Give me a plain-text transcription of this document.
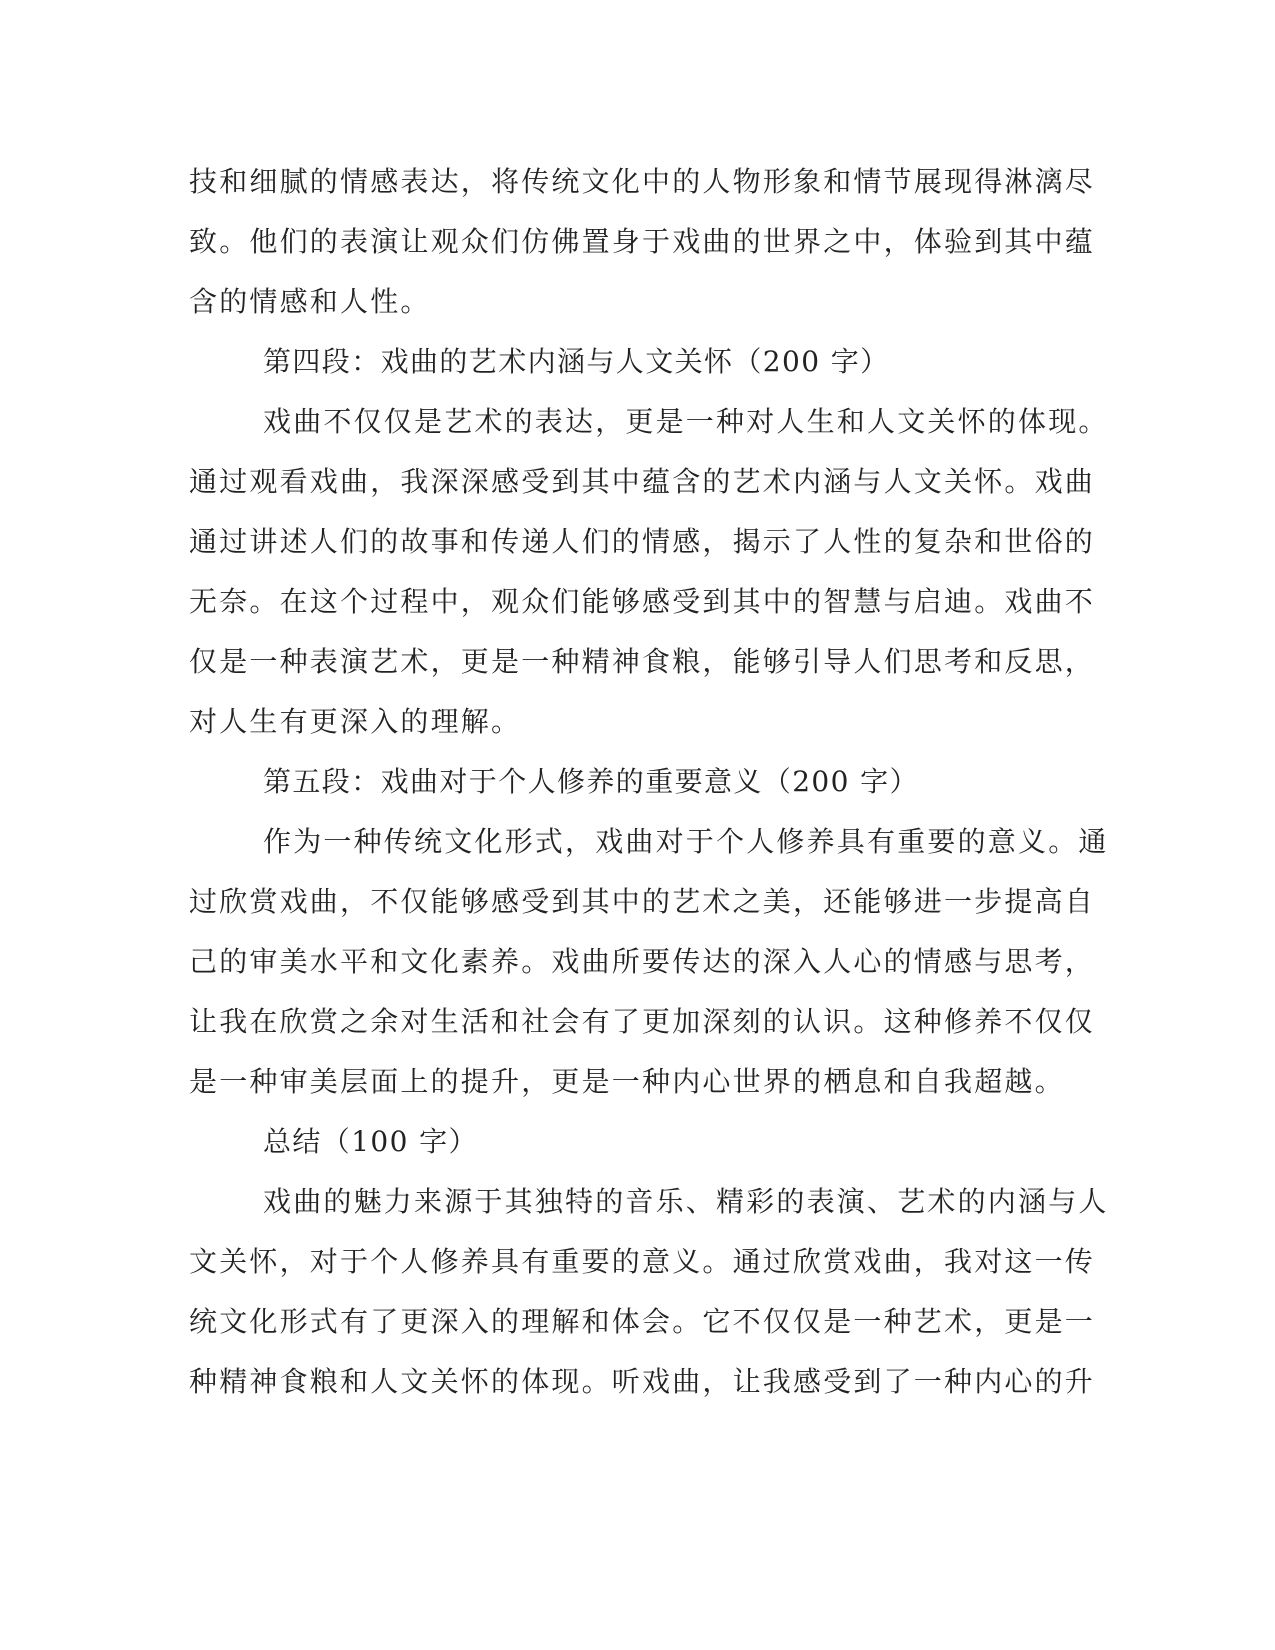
技和细腻的情感表达，将传统文化中的人物形象和情节展现得淋漓尽
致。他们的表演让观众们仿佛置身于戏曲的世界之中，体验到其中蕴
含的情感和人性。
第四段：戏曲的艺术内涵与人文关怀（200 字）
戏曲不仅仅是艺术的表达，更是一种对人生和人文关怀的体现。
通过观看戏曲，我深深感受到其中蕴含的艺术内涵与人文关怀。戏曲
通过讲述人们的故事和传递人们的情感，揭示了人性的复杂和世俗的
无奈。在这个过程中，观众们能够感受到其中的智慧与启迪。戏曲不
仅是一种表演艺术，更是一种精神食粮，能够引导人们思考和反思，
对人生有更深入的理解。
第五段：戏曲对于个人修养的重要意义（200 字）
作为一种传统文化形式，戏曲对于个人修养具有重要的意义。通
过欣赏戏曲，不仅能够感受到其中的艺术之美，还能够进一步提高自
己的审美水平和文化素养。戏曲所要传达的深入人心的情感与思考，
让我在欣赏之余对生活和社会有了更加深刻的认识。这种修养不仅仅
是一种审美层面上的提升，更是一种内心世界的栖息和自我超越。
总结（100 字）
戏曲的魅力来源于其独特的音乐、精彩的表演、艺术的内涵与人
文关怀，对于个人修养具有重要的意义。通过欣赏戏曲，我对这一传
统文化形式有了更深入的理解和体会。它不仅仅是一种艺术，更是一
种精神食粮和人文关怀的体现。听戏曲，让我感受到了一种内心的升
